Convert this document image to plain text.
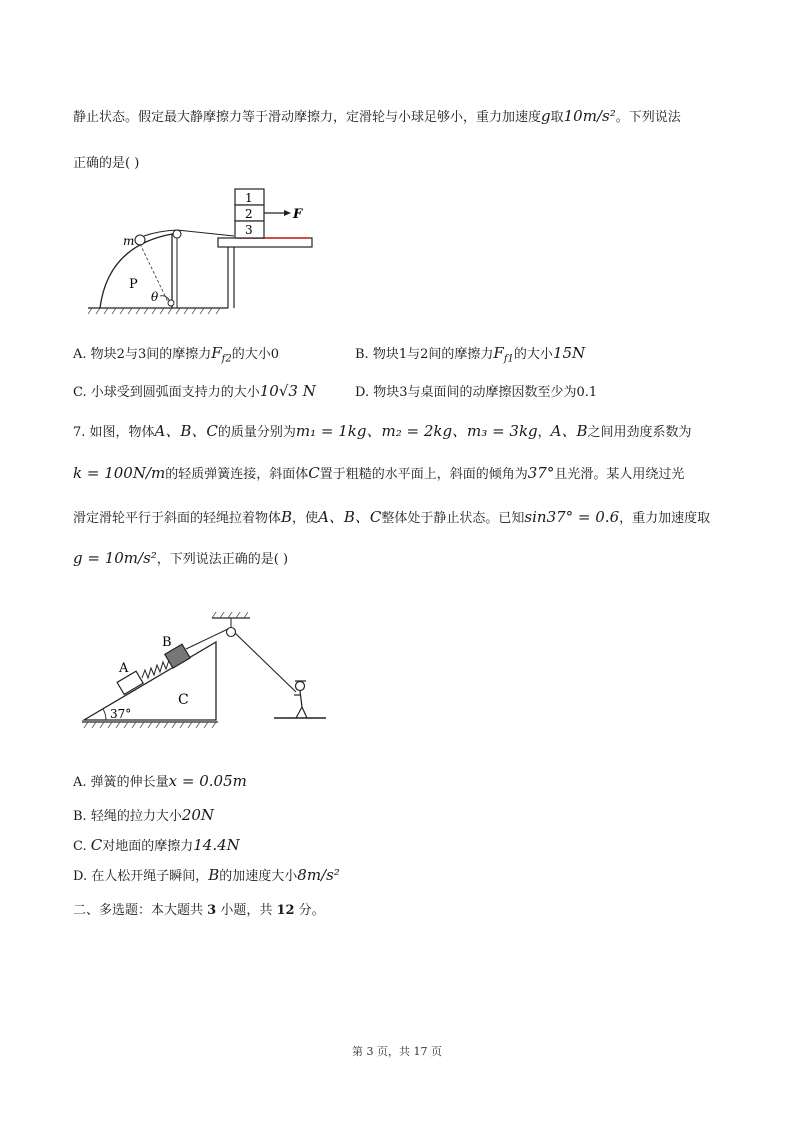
静止状态。假定最大静摩擦力等于滑动摩擦力，定滑轮与小球足够小，重力加速度g取10m/s²。下列说法
正确的是( )
1
2
3
F
m
P
θ
A. 物块2与3间的摩擦力$F_{f2}$的大小0	B. 物块1与2间的摩擦力$F_{f1}$的大小15N
C. 小球受到圆弧面支持力的大小10√3 N	D. 物块3与桌面间的动摩擦因数至少为0.1
7. 如图，物体A、B、C的质量分别为m₁ = 1kg、m₂ = 2kg、m₃ = 3kg，A、B之间用劲度系数为
k = 100N/m的轻质弹簧连接，斜面体C置于粗糙的水平面上，斜面的倾角为37°且光滑。某人用绕过光
滑定滑轮平行于斜面的轻绳拉着物体B，使A、B、C整体处于静止状态。已知sin37° = 0.6，重力加速度取
g = 10m/s²，下列说法正确的是( )
37°
C
A
B
A. 弹簧的伸长量x = 0.05m
B. 轻绳的拉力大小20N
C. C对地面的摩擦力14.4N
D. 在人松开绳子瞬间，B的加速度大小8m/s²
二、多选题：本大题共 3 小题，共 12 分。
第 3 页，共 17 页
